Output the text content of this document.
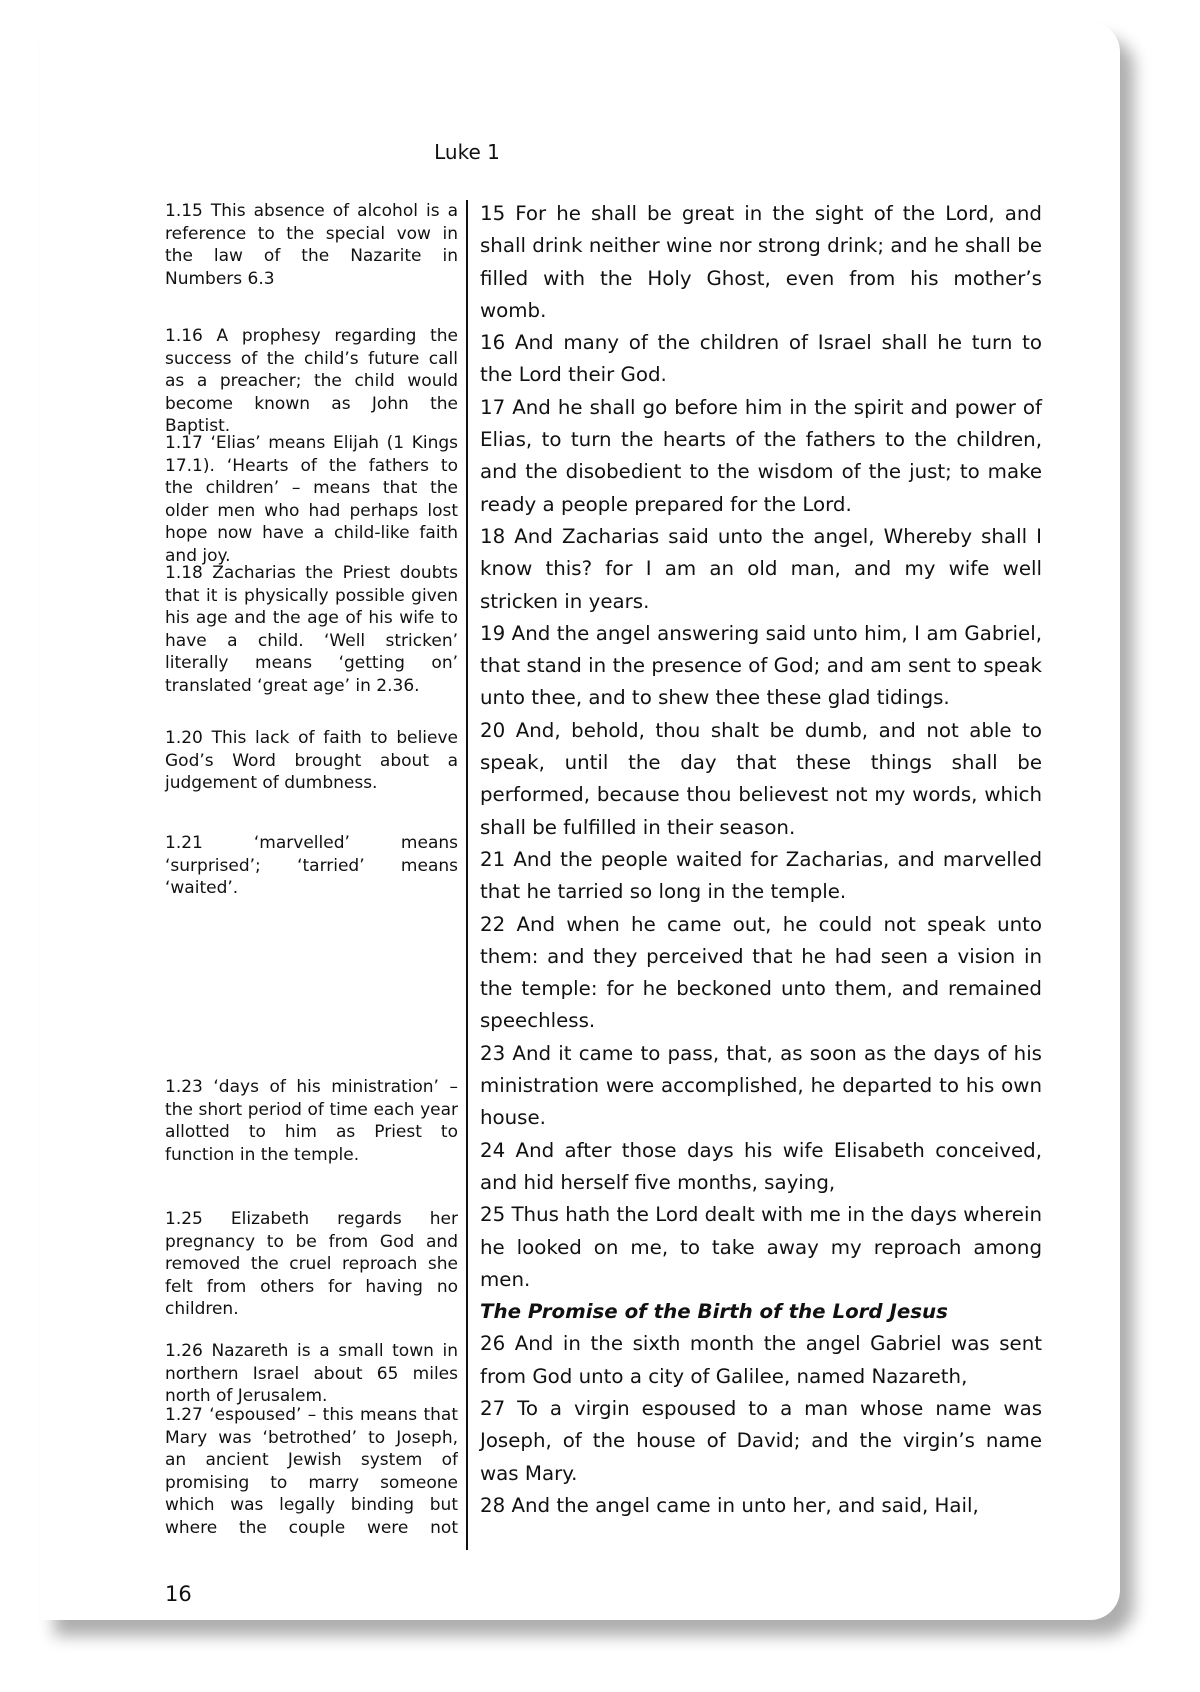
Luke 1

1.15 This absence of alcohol is a reference to the special vow in the law of the Nazarite in Numbers 6.3

1.16 A prophesy regarding the success of the child’s future call as a preacher; the child would become known as John the Baptist.

1.17 ‘Elias’ means Elijah (1 Kings 17.1). ‘Hearts of the fathers to the children’ – means that the older men who had perhaps lost hope now have a child-like faith and joy.

1.18 Zacharias the Priest doubts that it is physically possible given his age and the age of his wife to have a child. ‘Well stricken’ literally means ‘getting on’ translated ‘great age’ in 2.36.

1.20 This lack of faith to believe God’s Word brought about a judgement of dumbness.

1.21 ‘marvelled’ means ‘surprised’; ‘tarried’ means ‘waited’.

1.23 ‘days of his ministration’ – the short period of time each year allotted to him as Priest to function in the temple.

1.25 Elizabeth regards her pregnancy to be from God and removed the cruel reproach she felt from others for having no children.

1.26 Nazareth is a small town in northern Israel about 65 miles north of Jerusalem.

1.27 ‘espoused’ – this means that Mary was ‘betrothed’ to Joseph, an ancient Jewish system of promising to marry someone which was legally binding but where the couple were not

15 For he shall be great in the sight of the Lord, and shall drink neither wine nor strong drink; and he shall be filled with the Holy Ghost, even from his mother’s womb.

16 And many of the children of Israel shall he turn to the Lord their God.

17 And he shall go before him in the spirit and power of Elias, to turn the hearts of the fathers to the children, and the disobedient to the wisdom of the just; to make ready a people prepared for the Lord.

18 And Zacharias said unto the angel, Whereby shall I know this? for I am an old man, and my wife well stricken in years.

19 And the angel answering said unto him, I am Gabriel, that stand in the presence of God; and am sent to speak unto thee, and to shew thee these glad tidings.

20 And, behold, thou shalt be dumb, and not able to speak, until the day that these things shall be performed, because thou believest not my words, which shall be fulfilled in their season.

21 And the people waited for Zacharias, and marvelled that he tarried so long in the temple.

22 And when he came out, he could not speak unto them: and they perceived that he had seen a vision in the temple: for he beckoned unto them, and remained speechless.

23 And it came to pass, that, as soon as the days of his ministration were accomplished, he departed to his own house.

24 And after those days his wife Elisabeth conceived, and hid herself five months, saying,

25 Thus hath the Lord dealt with me in the days wherein he looked on me, to take away my reproach among men.

The Promise of the Birth of the Lord Jesus

26 And in the sixth month the angel Gabriel was sent from God unto a city of Galilee, named Nazareth,

27 To a virgin espoused to a man whose name was Joseph, of the house of David; and the virgin’s name was Mary.

28 And the angel came in unto her, and said, Hail,

16
